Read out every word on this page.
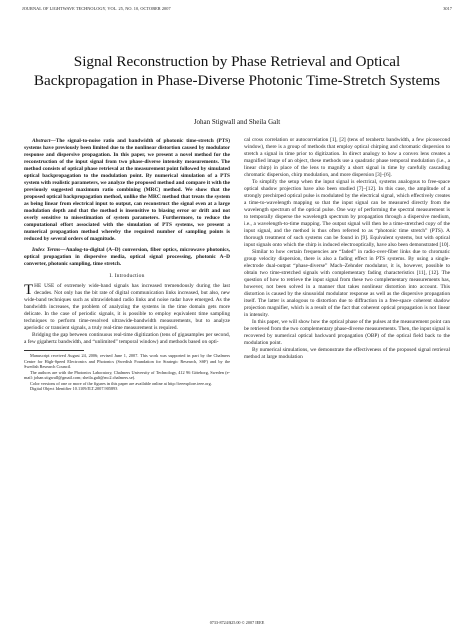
JOURNAL OF LIGHTWAVE TECHNOLOGY, VOL. 25, NO. 10, OCTOBER 2007	3017
Signal Reconstruction by Phase Retrieval and Optical Backpropagation in Phase-Diverse Photonic Time-Stretch Systems
Johan Stigwall and Sheila Galt

Abstract—The signal-to-noise ratio and bandwidth of photonic time-stretch (PTS) systems have previously been limited due to the nonlinear distortion caused by modulator response and dispersive propagation. In this paper, we present a novel method for the reconstruction of the input signal from two phase-diverse intensity measurements. The method consists of optical phase retrieval at the measurement point followed by simulated optical backpropagation to the modulation point. By numerical simulation of a PTS system with realistic parameters, we analyze the proposed method and compare it with the previously suggested maximum ratio combining (MRC) method. We show that the proposed optical backpropagation method, unlike the MRC method that treats the system as being linear from electrical input to output, can reconstruct the signal even at a large modulation depth and that the method is insensitive to biasing error or drift and not overly sensitive to misestimation of system parameters. Furthermore, to reduce the computational effort associated with the simulation of PTS systems, we present a numerical propagation method whereby the required number of sampling points is reduced by several orders of magnitude.

Index Terms—Analog-to-digital (A–D) conversion, fiber optics, microwave photonics, optical propagation in dispersive media, optical signal processing, photonic A–D converter, photonic sampling, time stretch.

I. Introduction

THE USE of extremely wide-band signals has increased tremendously during the last decades. Not only has the bit rate of digital communication links increased, but also, new wide-band techniques such as ultrawideband radio links and noise radar have emerged. As the bandwidth increases, the problem of analyzing the systems in the time domain gets more delicate. In the case of periodic signals, it is possible to employ equivalent time sampling techniques to perform time-resolved ultrawide-bandwidth measurements, but to analyze aperiodic or transient signals, a truly real-time measurement is required.

Bridging the gap between continuous real-time digitization (tens of gigasamples per second, a few gigahertz bandwidth, and “unlimited” temporal window) and methods based on opti-

Manuscript received August 24, 2006; revised June 1, 2007. This work was supported in part by the Chalmers Centre for High-Speed Electronics and Photonics (Swedish Foundation for Strategic Research, SSF) and by the Swedish Research Council.

The authors are with the Photonics Laboratory, Chalmers University of Technology, 412 96 Göteborg, Sweden (e-mail: johan.stigwall@gmail.com; sheila.galt@mc2.chalmers.se).

Color versions of one or more of the figures in this paper are available online at http://ieeexplore.ieee.org.

Digital Object Identifier 10.1109/JLT.2007.905893

cal cross correlation or autocorrelation [1], [2] (tens of terahertz bandwidth, a few picosecond window), there is a group of methods that employ optical chirping and chromatic dispersion to stretch a signal in time prior to digitization. In direct analogy to how a convex lens creates a magnified image of an object, these methods use a quadratic phase temporal modulation (i.e., a linear chirp) in place of the lens to magnify a short signal in time by carefully cascading chromatic dispersion, chirp modulation, and more dispersion [3]–[6].

To simplify the setup when the input signal is electrical, systems analogous to free-space optical shadow projection have also been studied [7]–[12]. In this case, the amplitude of a strongly prechirped optical pulse is modulated by the electrical signal, which effectively creates a time-to-wavelength mapping so that the input signal can be measured directly from the wavelength spectrum of the optical pulse. One way of performing the spectral measurement is to temporally disperse the wavelength spectrum by propagation through a dispersive medium, i.e., a wavelength-to-time mapping. The output signal will then be a time-stretched copy of the input signal, and the method is thus often referred to as “photonic time stretch” (PTS). A thorough treatment of such systems can be found in [9]. Equivalent systems, but with optical input signals onto which the chirp is induced electrooptically, have also been demonstrated [10].

Similar to how certain frequencies are “faded” in radio-over-fiber links due to chromatic group velocity dispersion, there is also a fading effect in PTS systems. By using a single-electrode dual-output “phase-diverse” Mach–Zehnder modulator, it is, however, possible to obtain two time-stretched signals with complementary fading characteristics [11], [12]. The question of how to retrieve the input signal from these two complementary measurements has, however, not been solved in a manner that takes nonlinear distortion into account. This distortion is caused by the sinusoidal modulator response as well as the dispersive propagation itself. The latter is analogous to distortion due to diffraction in a free-space coherent shadow projection magnifier, which is a result of the fact that coherent optical propagation is not linear in intensity.

In this paper, we will show how the optical phase of the pulses at the measurement point can be retrieved from the two complementary phase-diverse measurements. Then, the input signal is recovered by numerical optical backward propagation (OBP) of the optical field back to the modulation point.

By numerical simulations, we demonstrate the effectiveness of the proposed signal retrieval method at large modulation

0733-8724/$25.00 © 2007 IEEE
